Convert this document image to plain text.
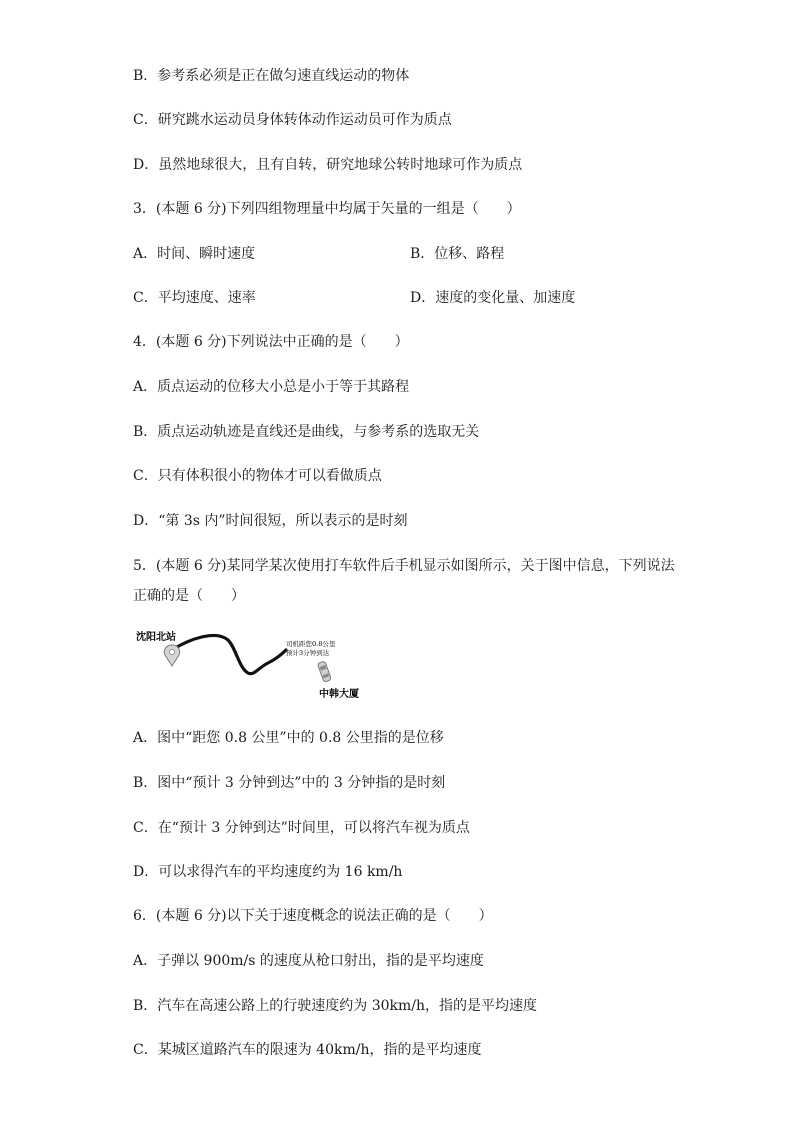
B．参考系必须是正在做匀速直线运动的物体
C．研究跳水运动员身体转体动作运动员可作为质点
D．虽然地球很大，且有自转，研究地球公转时地球可作为质点
3．(本题 6 分)下列四组物理量中均属于矢量的一组是（　　）
A．时间、瞬时速度	B．位移、路程
C．平均速度、速率	D．速度的变化量、加速度
4．(本题 6 分)下列说法中正确的是（　　）
A．质点运动的位移大小总是小于等于其路程
B．质点运动轨迹是直线还是曲线，与参考系的选取无关
C．只有体积很小的物体才可以看做质点
D．“第 3s 内”时间很短，所以表示的是时刻
5．(本题 6 分)某同学某次使用打车软件后手机显示如图所示，关于图中信息，下列说法
正确的是（　　）
沈阳北站
司机距您0.8公里
预计3分钟到达
中韩大厦
A．图中“距您 0.8 公里”中的 0.8 公里指的是位移
B．图中“预计 3 分钟到达”中的 3 分钟指的是时刻
C．在“预计 3 分钟到达”时间里，可以将汽车视为质点
D．可以求得汽车的平均速度约为 16 km/h
6．(本题 6 分)以下关于速度概念的说法正确的是（　　）
A．子弹以 900m/s 的速度从枪口射出，指的是平均速度
B．汽车在高速公路上的行驶速度约为 30km/h，指的是平均速度
C．某城区道路汽车的限速为 40km/h，指的是平均速度
